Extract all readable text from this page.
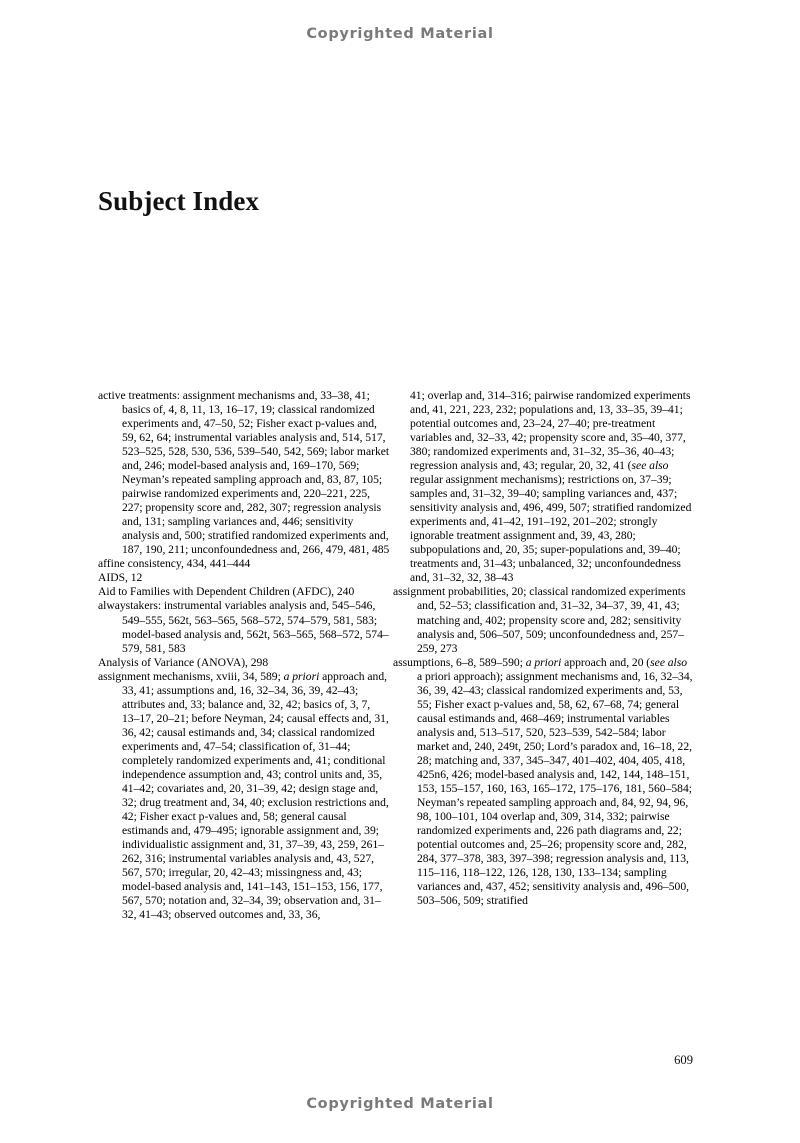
Copyrighted Material
Subject Index

active treatments: assignment mechanisms and, 33–38, 41; basics of, 4, 8, 11, 13, 16–17, 19; classical randomized experiments and, 47–50, 52; Fisher exact p-values and, 59, 62, 64; instrumental variables analysis and, 514, 517, 523–525, 528, 530, 536, 539–540, 542, 569; labor market and, 246; model-based analysis and, 169–170, 569; Neyman’s repeated sampling approach and, 83, 87, 105; pairwise randomized experiments and, 220–221, 225, 227; propensity score and, 282, 307; regression analysis and, 131; sampling variances and, 446; sensitivity analysis and, 500; stratified randomized experiments and, 187, 190, 211; unconfoundedness and, 266, 479, 481, 485

affine consistency, 434, 441–444

AIDS, 12

Aid to Families with Dependent Children (AFDC), 240

alwaystakers: instrumental variables analysis and, 545–546, 549–555, 562t, 563–565, 568–572, 574–579, 581, 583; model-based analysis and, 562t, 563–565, 568–572, 574–579, 581, 583

Analysis of Variance (ANOVA), 298

assignment mechanisms, xviii, 34, 589; a priori approach and, 33, 41; assumptions and, 16, 32–34, 36, 39, 42–43; attributes and, 33; balance and, 32, 42; basics of, 3, 7, 13–17, 20–21; before Neyman, 24; causal effects and, 31, 36, 42; causal estimands and, 34; classical randomized experiments and, 47–54; classification of, 31–44; completely randomized experiments and, 41; conditional independence assumption and, 43; control units and, 35, 41–42; covariates and, 20, 31–39, 42; design stage and, 32; drug treatment and, 34, 40; exclusion restrictions and, 42; Fisher exact p-values and, 58; general causal estimands and, 479–495; ignorable assignment and, 39; individualistic assignment and, 31, 37–39, 43, 259, 261–262, 316; instrumental variables analysis and, 43, 527, 567, 570; irregular, 20, 42–43; missingness and, 43; model-based analysis and, 141–143, 151–153, 156, 177, 567, 570; notation and, 32–34, 39; observation and, 31–32, 41–43; observed outcomes and, 33, 36,

41; overlap and, 314–316; pairwise randomized experiments and, 41, 221, 223, 232; populations and, 13, 33–35, 39–41; potential outcomes and, 23–24, 27–40; pre-treatment variables and, 32–33, 42; propensity score and, 35–40, 377, 380; randomized experiments and, 31–32, 35–36, 40–43; regression analysis and, 43; regular, 20, 32, 41 (see also regular assignment mechanisms); restrictions on, 37–39; samples and, 31–32, 39–40; sampling variances and, 437; sensitivity analysis and, 496, 499, 507; stratified randomized experiments and, 41–42, 191–192, 201–202; strongly ignorable treatment assignment and, 39, 43, 280; subpopulations and, 20, 35; super-populations and, 39–40; treatments and, 31–43; unbalanced, 32; unconfoundedness and, 31–32, 32, 38–43

assignment probabilities, 20; classical randomized experiments and, 52–53; classification and, 31–32, 34–37, 39, 41, 43; matching and, 402; propensity score and, 282; sensitivity analysis and, 506–507, 509; unconfoundedness and, 257–259, 273

assumptions, 6–8, 589–590; a priori approach and, 20 (see also a priori approach); assignment mechanisms and, 16, 32–34, 36, 39, 42–43; classical randomized experiments and, 53, 55; Fisher exact p-values and, 58, 62, 67–68, 74; general causal estimands and, 468–469; instrumental variables analysis and, 513–517, 520, 523–539, 542–584; labor market and, 240, 249t, 250; Lord’s paradox and, 16–18, 22, 28; matching and, 337, 345–347, 401–402, 404, 405, 418, 425n6, 426; model-based analysis and, 142, 144, 148–151, 153, 155–157, 160, 163, 165–172, 175–176, 181, 560–584; Neyman’s repeated sampling approach and, 84, 92, 94, 96, 98, 100–101, 104 overlap and, 309, 314, 332; pairwise randomized experiments and, 226 path diagrams and, 22; potential outcomes and, 25–26; propensity score and, 282, 284, 377–378, 383, 397–398; regression analysis and, 113, 115–116, 118–122, 126, 128, 130, 133–134; sampling variances and, 437, 452; sensitivity analysis and, 496–500, 503–506, 509; stratified

609
Copyrighted Material
